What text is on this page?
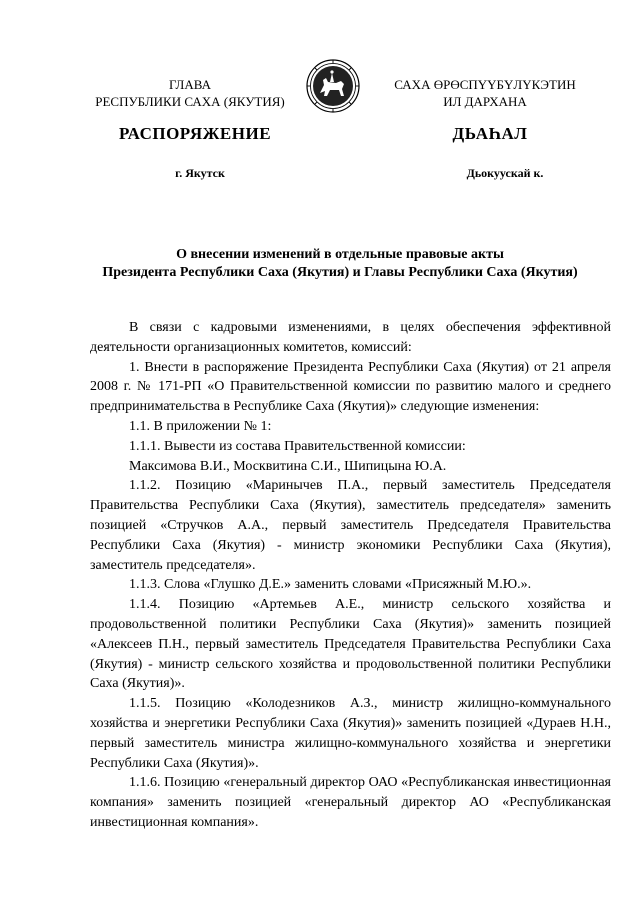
ГЛАВА
РЕСПУБЛИКИ САХА (ЯКУТИЯ)
САХА ӨРӨСПҮҮБҮЛҮКЭТИН
ИЛ ДАРХАНА
РАСПОРЯЖЕНИЕ	ДЬАҺАЛ
г. Якутск	Дьокуускай к.
О внесении изменений в отдельные правовые акты
Президента Республики Саха (Якутия) и Главы Республики Саха (Якутия)

В связи с кадровыми изменениями, в целях обеспечения эффективной деятельности организационных комитетов, комиссий:

1. Внести в распоряжение Президента Республики Саха (Якутия) от 21 апреля 2008 г. № 171-РП «О Правительственной комиссии по развитию малого и среднего предпринимательства в Республике Саха (Якутия)» следующие изменения:

1.1. В приложении № 1:

1.1.1. Вывести из состава Правительственной комиссии:

Максимова В.И., Москвитина С.И., Шипицына Ю.А.

1.1.2. Позицию «Маринычев П.А., первый заместитель Председателя Правительства Республики Саха (Якутия), заместитель председателя» заменить позицией «Стручков А.А., первый заместитель Председателя Правительства Республики Саха (Якутия) - министр экономики Республики Саха (Якутия), заместитель председателя».

1.1.3. Слова «Глушко Д.Е.» заменить словами «Присяжный М.Ю.».

1.1.4. Позицию «Артемьев А.Е., министр сельского хозяйства и продовольственной политики Республики Саха (Якутия)» заменить позицией «Алексеев П.Н., первый заместитель Председателя Правительства Республики Саха (Якутия) - министр сельского хозяйства и продовольственной политики Республики Саха (Якутия)».

1.1.5. Позицию «Колодезников А.З., министр жилищно-коммунального хозяйства и энергетики Республики Саха (Якутия)» заменить позицией «Дураев Н.Н., первый заместитель министра жилищно-коммунального хозяйства и энергетики Республики Саха (Якутия)».

1.1.6. Позицию «генеральный директор ОАО «Республиканская инвестиционная компания» заменить позицией «генеральный директор АО «Республиканская инвестиционная компания».
